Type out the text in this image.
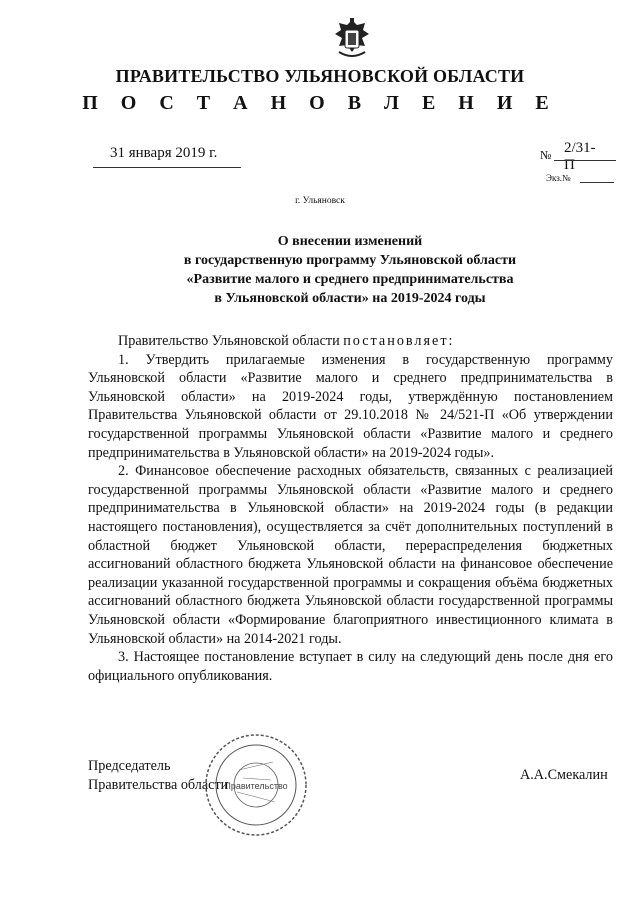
ПРАВИТЕЛЬСТВО УЛЬЯНОВСКОЙ ОБЛАСТИ
П О С Т А Н О В Л Е Н И Е
31 января 2019 г.	№ 2/31-П
Экз.№
г. Ульяновск
О внесении изменений
в государственную программу Ульяновской области
«Развитие малого и среднего предпринимательства
в Ульяновской области» на 2019-2024 годы

Правительство Ульяновской области постановляет:

1. Утвердить прилагаемые изменения в государственную программу Ульяновской области «Развитие малого и среднего предпринимательства в Ульяновской области» на 2019-2024 годы, утверждённую постановлением Правительства Ульяновской области от 29.10.2018 № 24/521-П «Об утверждении государственной программы Ульяновской области «Развитие малого и среднего предпринимательства в Ульяновской области» на 2019-2024 годы».

2. Финансовое обеспечение расходных обязательств, связанных с реализацией государственной программы Ульяновской области «Развитие малого и среднего предпринимательства в Ульяновской области» на 2019-2024 годы (в редакции настоящего постановления), осуществляется за счёт дополнительных поступлений в областной бюджет Ульяновской области, перераспределения бюджетных ассигнований областного бюджета Ульяновской области на финансовое обеспечение реализации указанной государственной программы и сокращения объёма бюджетных ассигнований областного бюджета Ульяновской области государственной программы Ульяновской области «Формирование благоприятного инвестиционного климата в Ульяновской области» на 2014-2021 годы.

3. Настоящее постановление вступает в силу на следующий день после дня его официального опубликования.

Председатель
Правительства области
А.А.Смекалин
Правительство
